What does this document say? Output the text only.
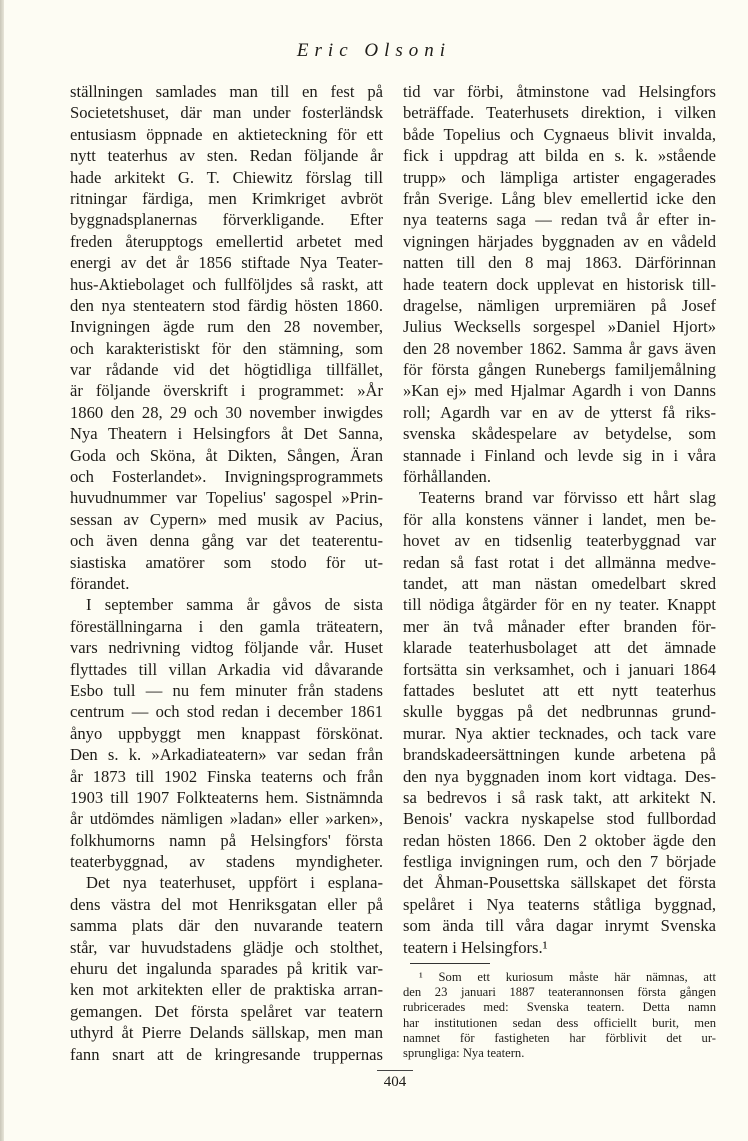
Eric Olsoni
ställningen samlades man till en fest på
Societetshuset, där man under fosterländsk
entusiasm öppnade en aktieteckning för ett
nytt teaterhus av sten. Redan följande år
hade arkitekt G. T. Chiewitz förslag till
ritningar färdiga, men Krimkriget avbröt
byggnadsplanernas förverkligande. Efter
freden återupptogs emellertid arbetet med
energi av det år 1856 stiftade Nya Teater-
hus-Aktiebolaget och fullföljdes så raskt, att
den nya stenteatern stod färdig hösten 1860.
Invigningen ägde rum den 28 november,
och karakteristiskt för den stämning, som
var rådande vid det högtidliga tillfället,
är följande överskrift i programmet: »År
1860 den 28, 29 och 30 november inwigdes
Nya Theatern i Helsingfors åt Det Sanna,
Goda och Sköna, åt Dikten, Sången, Äran
och Fosterlandet». Invigningsprogrammets
huvudnummer var Topelius' sagospel »Prin-
sessan av Cypern» med musik av Pacius,
och även denna gång var det teaterentu-
siastiska amatörer som stodo för ut-
förandet.
I september samma år gåvos de sista
föreställningarna i den gamla träteatern,
vars nedrivning vidtog följande vår. Huset
flyttades till villan Arkadia vid dåvarande
Esbo tull — nu fem minuter från stadens
centrum — och stod redan i december 1861
ånyo uppbyggt men knappast förskönat.
Den s. k. »Arkadiateatern» var sedan från
år 1873 till 1902 Finska teaterns och från
1903 till 1907 Folkteaterns hem. Sistnämnda
år utdömdes nämligen »ladan» eller »arken»,
folkhumorns namn på Helsingfors' första
teaterbyggnad, av stadens myndigheter.
Det nya teaterhuset, uppfört i esplana-
dens västra del mot Henriksgatan eller på
samma plats där den nuvarande teatern
står, var huvudstadens glädje och stolthet,
ehuru det ingalunda sparades på kritik var-
ken mot arkitekten eller de praktiska arran-
gemangen. Det första spelåret var teatern
uthyrd åt Pierre Delands sällskap, men man
fann snart att de kringresande truppernas
tid var förbi, åtminstone vad Helsingfors
beträffade. Teaterhusets direktion, i vilken
både Topelius och Cygnaeus blivit invalda,
fick i uppdrag att bilda en s. k. »stående
trupp» och lämpliga artister engagerades
från Sverige. Lång blev emellertid icke den
nya teaterns saga — redan två år efter in-
vigningen härjades byggnaden av en vådeld
natten till den 8 maj 1863. Därförinnan
hade teatern dock upplevat en historisk till-
dragelse, nämligen urpremiären på Josef
Julius Wecksells sorgespel »Daniel Hjort»
den 28 november 1862. Samma år gavs även
för första gången Runebergs familjemålning
»Kan ej» med Hjalmar Agardh i von Danns
roll; Agardh var en av de ytterst få riks-
svenska skådespelare av betydelse, som
stannade i Finland och levde sig in i våra
förhållanden.
Teaterns brand var förvisso ett hårt slag
för alla konstens vänner i landet, men be-
hovet av en tidsenlig teaterbyggnad var
redan så fast rotat i det allmänna medve-
tandet, att man nästan omedelbart skred
till nödiga åtgärder för en ny teater. Knappt
mer än två månader efter branden för-
klarade teaterhusbolaget att det ämnade
fortsätta sin verksamhet, och i januari 1864
fattades beslutet att ett nytt teaterhus
skulle byggas på det nedbrunnas grund-
murar. Nya aktier tecknades, och tack vare
brandskadeersättningen kunde arbetena på
den nya byggnaden inom kort vidtaga. Des-
sa bedrevos i så rask takt, att arkitekt N.
Benois' vackra nyskapelse stod fullbordad
redan hösten 1866. Den 2 oktober ägde den
festliga invigningen rum, och den 7 började
det Åhman-Pousettska sällskapet det första
spelåret i Nya teaterns ståtliga byggnad,
som ända till våra dagar inrymt Svenska
teatern i Helsingfors.¹
¹ Som ett kuriosum måste här nämnas, att
den 23 januari 1887 teaterannonsen första gången
rubricerades med: Svenska teatern. Detta namn
har institutionen sedan dess officiellt burit, men
namnet för fastigheten har förblivit det ur-
sprungliga: Nya teatern.
404
